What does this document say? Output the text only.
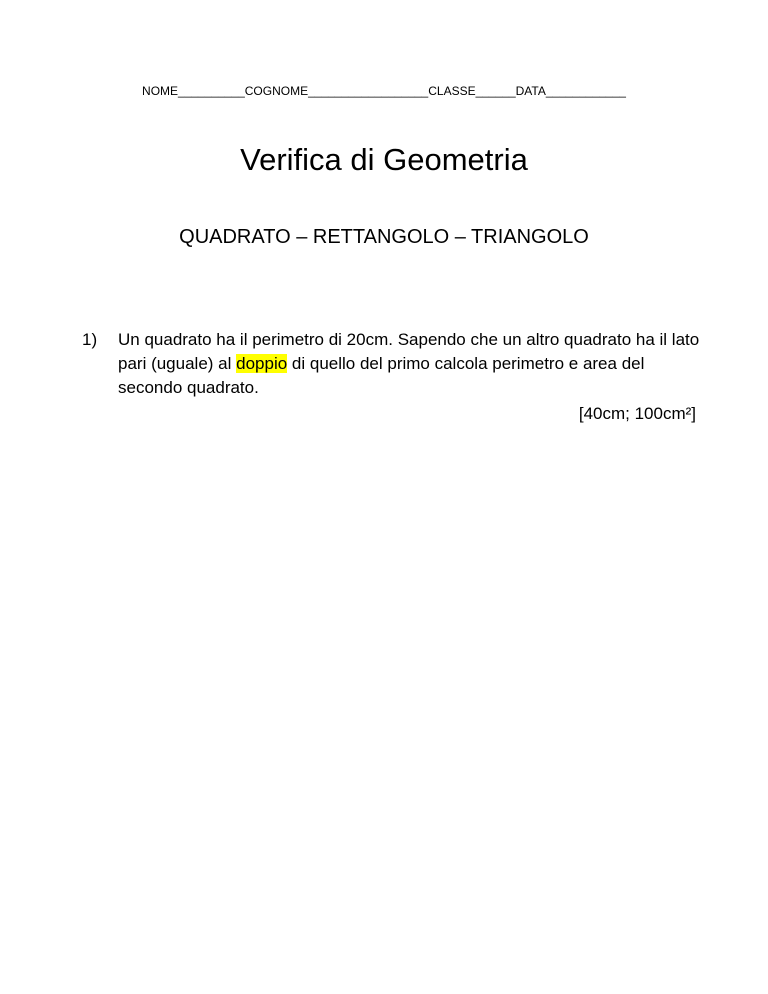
NOME__________COGNOME__________________CLASSE______DATA____________
Verifica di Geometria
QUADRATO – RETTANGOLO – TRIANGOLO
1)	Un quadrato ha il perimetro di 20cm. Sapendo che un altro quadrato ha il lato pari (uguale) al doppio di quello del primo calcola perimetro e area del secondo quadrato.
[40cm; 100cm²]
